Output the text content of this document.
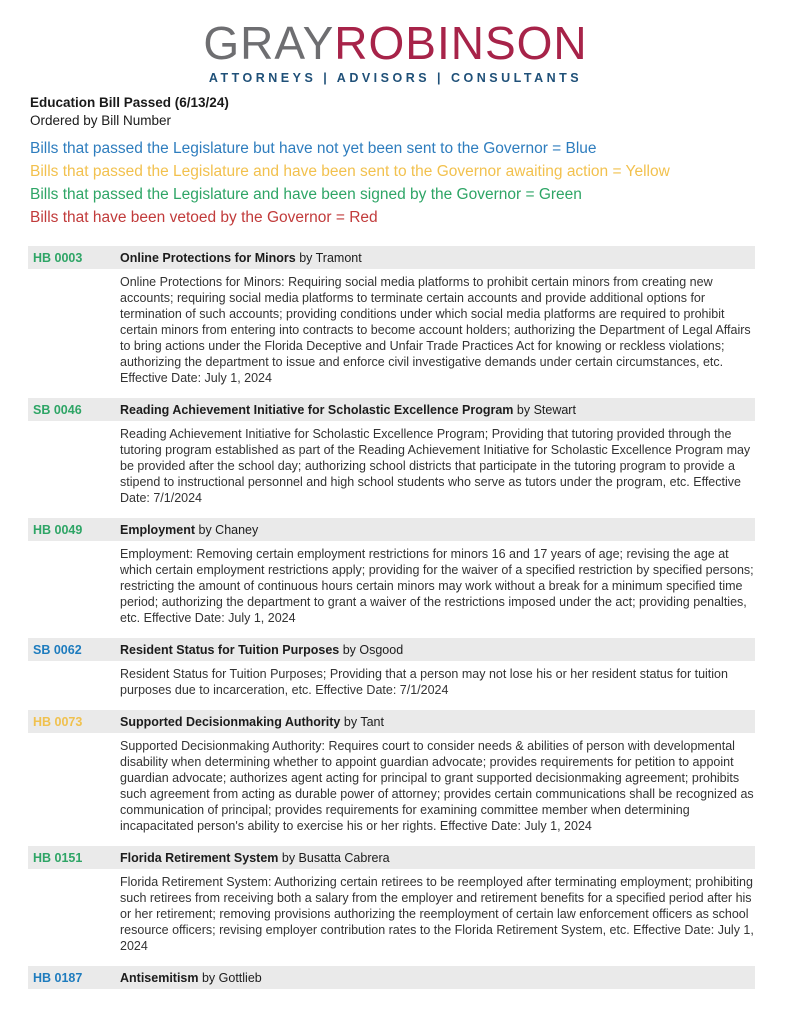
GRAYROBINSON
ATTORNEYS | ADVISORS | CONSULTANTS
Education Bill Passed (6/13/24)
Ordered by Bill Number

Bills that passed the Legislature but have not yet been sent to the Governor = Blue

Bills that passed the Legislature and have been sent to the Governor awaiting action = Yellow

Bills that passed the Legislature and have been signed by the Governor = Green

Bills that have been vetoed by the Governor = Red

HB 0003	Online Protections for Minors by Tramont
Online Protections for Minors: Requiring social media platforms to prohibit certain minors from creating new accounts; requiring social media platforms to terminate certain accounts and provide additional options for termination of such accounts; providing conditions under which social media platforms are required to prohibit certain minors from entering into contracts to become account holders; authorizing the Department of Legal Affairs to bring actions under the Florida Deceptive and Unfair Trade Practices Act for knowing or reckless violations; authorizing the department to issue and enforce civil investigative demands under certain circumstances, etc. Effective Date: July 1, 2024
SB 0046	Reading Achievement Initiative for Scholastic Excellence Program by Stewart
Reading Achievement Initiative for Scholastic Excellence Program; Providing that tutoring provided through the tutoring program established as part of the Reading Achievement Initiative for Scholastic Excellence Program may be provided after the school day; authorizing school districts that participate in the tutoring program to provide a stipend to instructional personnel and high school students who serve as tutors under the program, etc. Effective Date: 7/1/2024
HB 0049	Employment by Chaney
Employment: Removing certain employment restrictions for minors 16 and 17 years of age; revising the age at which certain employment restrictions apply; providing for the waiver of a specified restriction by specified persons; restricting the amount of continuous hours certain minors may work without a break for a minimum specified time period; authorizing the department to grant a waiver of the restrictions imposed under the act; providing penalties, etc. Effective Date: July 1, 2024
SB 0062	Resident Status for Tuition Purposes by Osgood
Resident Status for Tuition Purposes; Providing that a person may not lose his or her resident status for tuition purposes due to incarceration, etc. Effective Date: 7/1/2024
HB 0073	Supported Decisionmaking Authority by Tant
Supported Decisionmaking Authority: Requires court to consider needs & abilities of person with developmental disability when determining whether to appoint guardian advocate; provides requirements for petition to appoint guardian advocate; authorizes agent acting for principal to grant supported decisionmaking agreement; prohibits such agreement from acting as durable power of attorney; provides certain communications shall be recognized as communication of principal; provides requirements for examining committee member when determining incapacitated person's ability to exercise his or her rights. Effective Date: July 1, 2024
HB 0151	Florida Retirement System by Busatta Cabrera
Florida Retirement System: Authorizing certain retirees to be reemployed after terminating employment; prohibiting such retirees from receiving both a salary from the employer and retirement benefits for a specified period after his or her retirement; removing provisions authorizing the reemployment of certain law enforcement officers as school resource officers; revising employer contribution rates to the Florida Retirement System, etc. Effective Date: July 1, 2024
HB 0187	Antisemitism by Gottlieb
